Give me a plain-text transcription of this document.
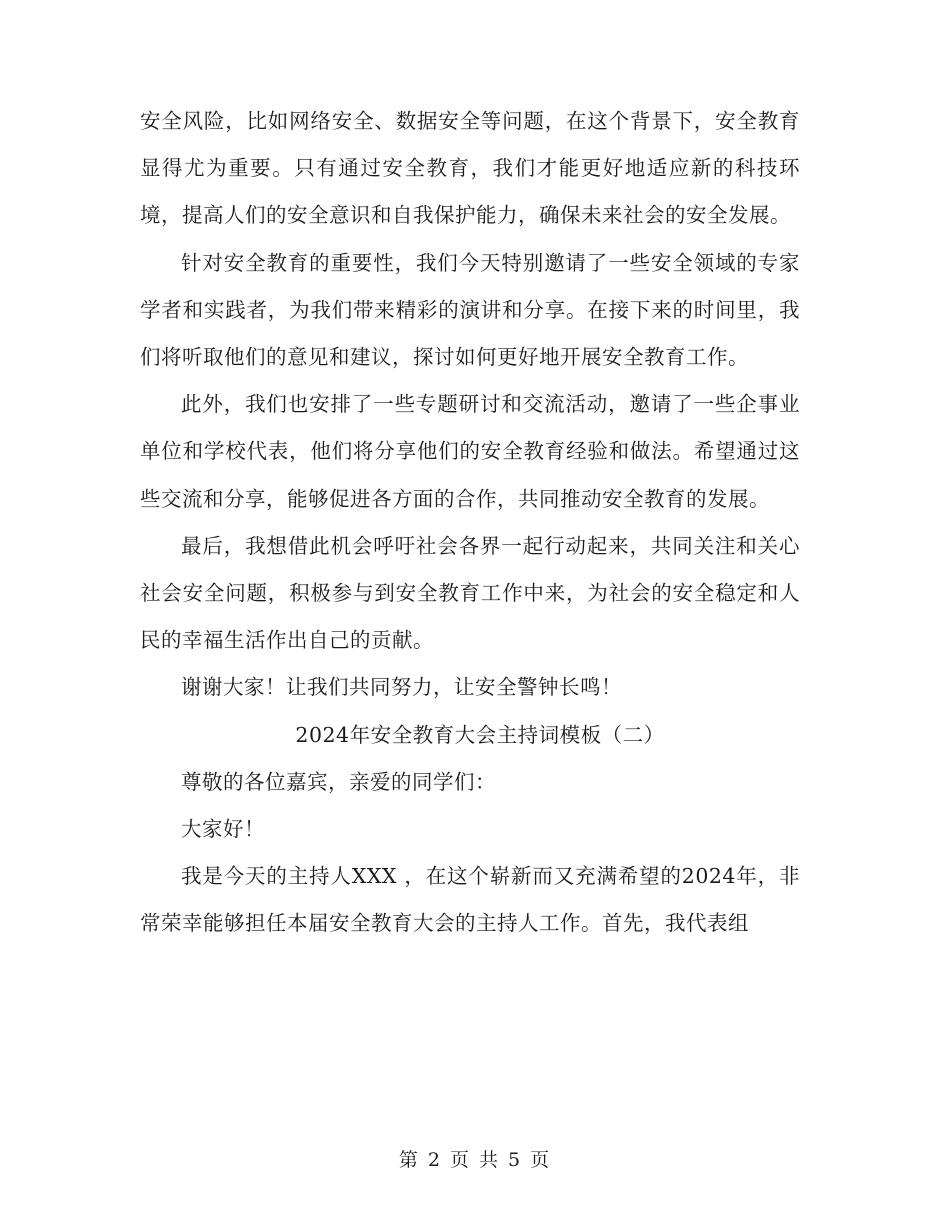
安全风险，比如网络安全、数据安全等问题，在这个背景下，安全教育显得尤为重要。只有通过安全教育，我们才能更好地适应新的科技环境，提高人们的安全意识和自我保护能力，确保未来社会的安全发展。

针对安全教育的重要性，我们今天特别邀请了一些安全领域的专家学者和实践者，为我们带来精彩的演讲和分享。在接下来的时间里，我们将听取他们的意见和建议，探讨如何更好地开展安全教育工作。

此外，我们也安排了一些专题研讨和交流活动，邀请了一些企事业单位和学校代表，他们将分享他们的安全教育经验和做法。希望通过这些交流和分享，能够促进各方面的合作，共同推动安全教育的发展。

最后，我想借此机会呼吁社会各界一起行动起来，共同关注和关心社会安全问题，积极参与到安全教育工作中来，为社会的安全稳定和人民的幸福生活作出自己的贡献。

谢谢大家！让我们共同努力，让安全警钟长鸣！

2024年安全教育大会主持词模板（二）

尊敬的各位嘉宾，亲爱的同学们：

大家好！

我是今天的主持人XXX ，在这个崭新而又充满希望的2024年，非常荣幸能够担任本届安全教育大会的主持人工作。首先，我代表组

第 2 页 共 5 页
